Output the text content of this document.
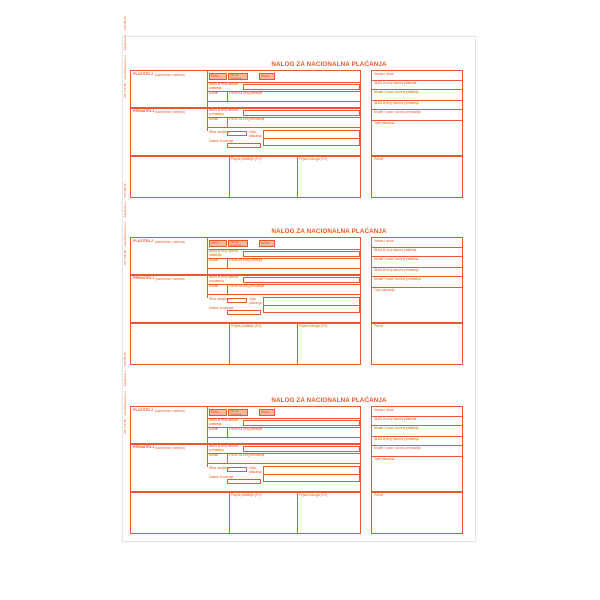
NALOG ZA NACIONALNA PLAĆANJA
Obr. NNP-86  ·  Izdavačka kuća d.o.o.  ·  Zagreb Ilica 1  ·  NNP-086-18
PLATITELJ (naziv/ime i adresa)	Hitno	Valuta plaćanja	Iznos
IBAN ili broj računa platitelja
Model	Poziv na broj platitelja
PRIMATELJ (naziv/ime i adresa)	IBAN ili broj računa primatelja
Model	Poziv na broj primatelja
Šifra namjene	Opis plaćanja
Datum izvršenja
Potpis platitelja (FU)	Prijam naloga (FU)
Valuta i iznos
IBAN ili broj računa platitelja
Model i poziv na broj platitelja
IBAN ili broj računa primatelja
Model i poziv na broj primatelja
Opis plaćanja
Pečat
NALOG ZA NACIONALNA PLAĆANJA
Obr. NNP-86  ·  Izdavačka kuća d.o.o.  ·  Zagreb Ilica 1  ·  NNP-086-18
PLATITELJ (naziv/ime i adresa)	Hitno	Valuta plaćanja	Iznos
IBAN ili broj računa platitelja
Model	Poziv na broj platitelja
PRIMATELJ (naziv/ime i adresa)	IBAN ili broj računa primatelja
Model	Poziv na broj primatelja
Šifra namjene	Opis plaćanja
Datum izvršenja
Potpis platitelja (FU)	Prijam naloga (FU)
Valuta i iznos
IBAN ili broj računa platitelja
Model i poziv na broj platitelja
IBAN ili broj računa primatelja
Model i poziv na broj primatelja
Opis plaćanja
Pečat
NALOG ZA NACIONALNA PLAĆANJA
Obr. NNP-86  ·  Izdavačka kuća d.o.o.  ·  Zagreb Ilica 1  ·  NNP-086-18
PLATITELJ (naziv/ime i adresa)	Hitno	Valuta plaćanja	Iznos
IBAN ili broj računa platitelja
Model	Poziv na broj platitelja
PRIMATELJ (naziv/ime i adresa)	IBAN ili broj računa primatelja
Model	Poziv na broj primatelja
Šifra namjene	Opis plaćanja
Datum izvršenja
Potpis platitelja (FU)	Prijam naloga (FU)
Valuta i iznos
IBAN ili broj računa platitelja
Model i poziv na broj platitelja
IBAN ili broj računa primatelja
Model i poziv na broj primatelja
Opis plaćanja
Pečat
